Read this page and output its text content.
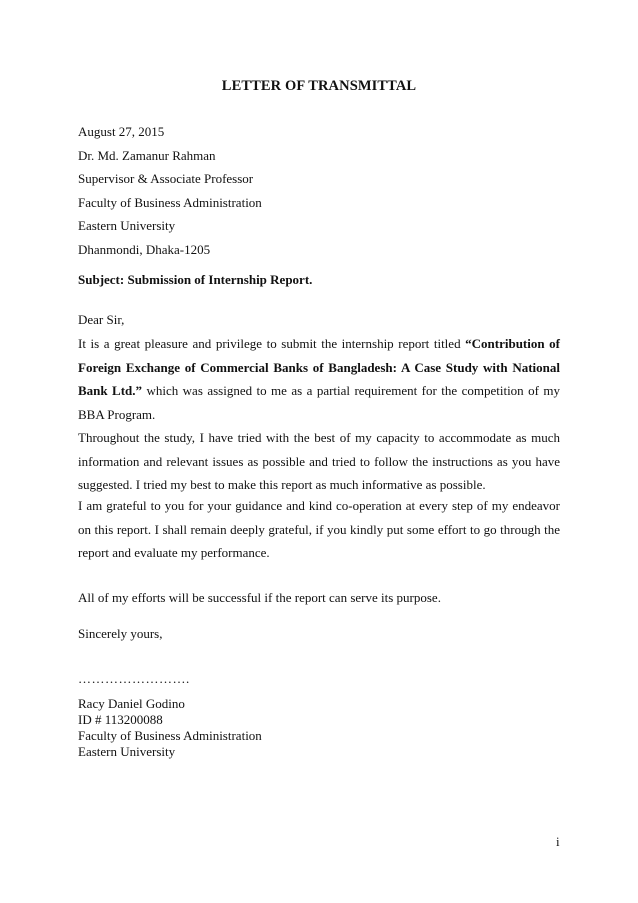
LETTER OF TRANSMITTAL
August 27, 2015
Dr. Md. Zamanur Rahman
Supervisor & Associate Professor
Faculty of Business Administration
Eastern University
Dhanmondi, Dhaka-1205
Subject: Submission of Internship Report.
Dear Sir,
It is a great pleasure and privilege to submit the internship report titled “Contribution of Foreign Exchange of Commercial Banks of Bangladesh: A Case Study with National Bank Ltd.” which was assigned to me as a partial requirement for the competition of my BBA Program.
Throughout the study, I have tried with the best of my capacity to accommodate as much information and relevant issues as possible and tried to follow the instructions as you have suggested. I tried my best to make this report as much informative as possible.
I am grateful to you for your guidance and kind co-operation at every step of my endeavor on this report. I shall remain deeply grateful, if you kindly put some effort to go through the report and evaluate my performance.
All of my efforts will be successful if the report can serve its purpose.
Sincerely yours,
…………………….
Racy Daniel Godino
ID # 113200088
Faculty of Business Administration
Eastern University
i
